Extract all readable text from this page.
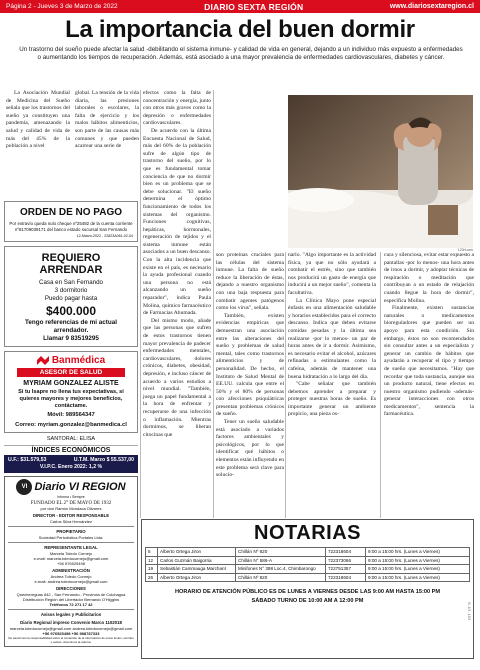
Página 2 - Jueves 3 de Marzo de 2022	DIARIO SEXTA REGIÓN	www.diariosextaregion.cl
La importancia del buen dormir

Un trastorno del sueño puede afectar la salud -debilitando el sistema inmune- y calidad de vida en general, dejando a un individuo más expuesto a enfermedades o aumentando los tiempos de recuperación. Además, está asociado a una mayor prevalencia de enfermedades cardiovasculares, diabetes y cáncer.

La Asociación Mundial de Medicina del Sueño señala que los trastornos del sueño ya constituyen una pandemia, amenazando la salud y calidad de vida de más del 45% de la población a nivel

global. La tensión de la vida diaria, las presiones laborales o escolares, la falta de ejercicio y los malos hábitos alimenticios, son parte de las causas más comunes y que pueden acarrear una serie de

efectos como la falta de concentración y energía, junto con otros más graves como la depresión o enfermedades cardiovasculares.

De acuerdo con la última Encuesta Nacional de Salud, más del 60% de la población sufre de algún tipo de trastorno del sueño, por lo que es fundamental tomar conciencia de que no dormir bien es un problema que se debe solucionar. "El sueño determina el óptimo funcionamiento de todos los sistemas del organismo. Funciones cognitivas, hepáticas, hormonales, regeneración de tejidos y el sistema inmune están asociados a un buen descanso. Con la alta incidencia que existe en el país, es necesario la ayuda profesional cuando una persona no está alcanzando un sueño reparador", indica Paula Molina, químico farmacéutico de Farmacias Ahumada.

Del mismo modo, añade que las personas que sufren de estos trastornos tienen mayor prevalencia de padecer enfermedades mentales, cardiovasculares, dolores crónicos, diabetes, obesidad, depresión, e incluso cáncer de acuerdo a varios estudios a nivel mundial. "También, juega un papel fundamental a la hora de enfrentar y recuperarse de una infección o inflamación. Mientras dormimos, se liberan citocinas que

son proteínas cruciales para las células del sistema inmune. La falta de sueño reduce la liberación de éstas, dejando a nuestro organismo con una baja respuesta para combatir agentes patógenos como los virus", señala.

También, existen evidencias empíricas que demuestran una asociación entre las alteraciones del sueño y problemas de salud mental, tales como trastornos alimenticios y de personalidad. De hecho, el Instituto de Salud Mental de EE.UU. calcula que entre el 50% y el 80% de personas con afecciones psiquiátricas presentan problemas crónicos de sueño.

Tener un sueño saludable está asociado a variados factores ambientales y psicológicos, por lo que identificar qué hábitos o elementos están influyendo en este problema será clave para solucio-

narlo. "Algo importante es la actividad física, ya que no sólo ayudará a combatir el estrés, sino que también nos producirá un gasto de energía que inducirá a un mejor sueño", comenta la facultativa.

La Clínica Mayo pone especial énfasis en una alimentación saludable y horarios establecidos para el correcto descanso. Indica que deben evitarse comidas pesadas y la última sea realizarse -por lo menos- un par de horas antes de ir a dormir. Asimismo, es necesario evitar el alcohol, azúcares refinadas o estimulantes como la cafeína, además de mantener una buena hidratación a lo largo del día.

"Cabe señalar que también debemos aprender a preparar y proteger nuestras horas de sueño. Es importante generar un ambiente propicio, una pieza os-

cura y silenciosa, evitar estar expuesto a pantallas -por lo menos- una hora antes de irnos a dormir, y adoptar técnicas de respiración o meditación que contribuyan a un estado de relajación cuando llegue la hora de dormir", especifica Molina.

Finalmente, existen sustancias naturales o medicamentos bioreguladores que pueden ser un apoyo para esta condición. Sin embargo, éstos no son recomendados sin consultar antes a un especialista y generar un cambio de hábitos que ayudarán a recuperar el tipo y tiempo de sueño que necesitamos. "Hay que recordar que toda sustancia, aunque sea un producto natural, tiene efectos en nuestro organismo pudiendo -además- generar interacciones con otros medicamentos", sentencia la farmacéutica.

123rf.com
ORDEN DE NO PAGO
Por extravío queda nulo cheque nº25482 de la cuenta corriente nº81709039171 del banco estado sucursal San Fernando
12-Marzo-2022 - 22823A061-02-04
REQUIERO ARRENDAR
Casa en San Fernando
3 dormitorio
Puedo pagar hasta
$400.000
Tengo referencias de mi actual arrendador.
Llamar 9 83519295
Banmédica
ASESOR DE SALUD
MYRIAM GONZALEZ ALISTE
Si tu Isapre no llena tus expectativas, si quieres mayores y mejores beneficios, contáctame.
Móvil: 989564347
Correo: myriam.gonzalez@banmedica.cl
SANTORAL: ELISA
ÍNDICES ECONÓMICOS
U.F.: $31.579,53	U.T.M. Marzo $ 55.537,00
V.I.P.C. Enero 2022: 1,2 %
VI Diario VI REGION
Informa • Siempre
FUNDADO EL 2° DE MAYO DE 1932
por don Ramón Mondaca Olivares
DIRECTOR - EDITOR RESPONSABLE
Carlos Silva Hernández
PROPIETARIO
Sociedad Periodística Portales Ltda.
REPRESENTANTE LEGAL
Marcela Toledo Cornejo
e-mail: marcela.toledocornejo@gmail.com
+56 976525498
ADMINISTRACIÓN
Andrea Toledo Cornejo
e-mail: andrea.toledocornejo@gmail.com
DIRECCIONES
Quechereguas 842 - San Fernando - Provincia de Colchagua
Distribución Región del Libertador Bernardo O'Higgins
Teléfonos 72 271 17 42
Avisos legales y Publicitarios
Diario Regional impreso Convenio Marco 1102018
marcela.toledocornejo@gmail.com andrea.toledocornejo@gmail.com
+56 976525498 +56 988787333
No asumimos la responsabilidad sobre el contenido de la información de estos textos, escritos o avisos. Asumimos la autoría.
NOTARIAS
5	Alberto Ortega Jiron	Chillán Nº 820	722318604	9:00 a 15:00 hrs. (Lunes a Viernes)
12	Carlos Guzmán Baigorria	Chillán N° 586-A	722373066	9:00 a 15:00 hrs. (Lunes a Viernes)
19	Sebastián Cammauga Marchant	Minifones N° 398 Loc.4, Chimbarongo	722751357	9:00 a 15:00 hrs. (Lunes a Viernes)
26	Alberto Ortega Jiron	Chillán Nº 820	722318604	9:00 a 15:00 hrs. (Lunes a Viernes)
HORARIO DE ATENCIÓN PÚBLICO ES DE LUNES A VIERNES DESDE LAS 9:00 AM HASTA 15:00 PM
SÁBADO TURNO DE 10:00 AM A 12:00 PM
Vi. 1/3 - 12/3
